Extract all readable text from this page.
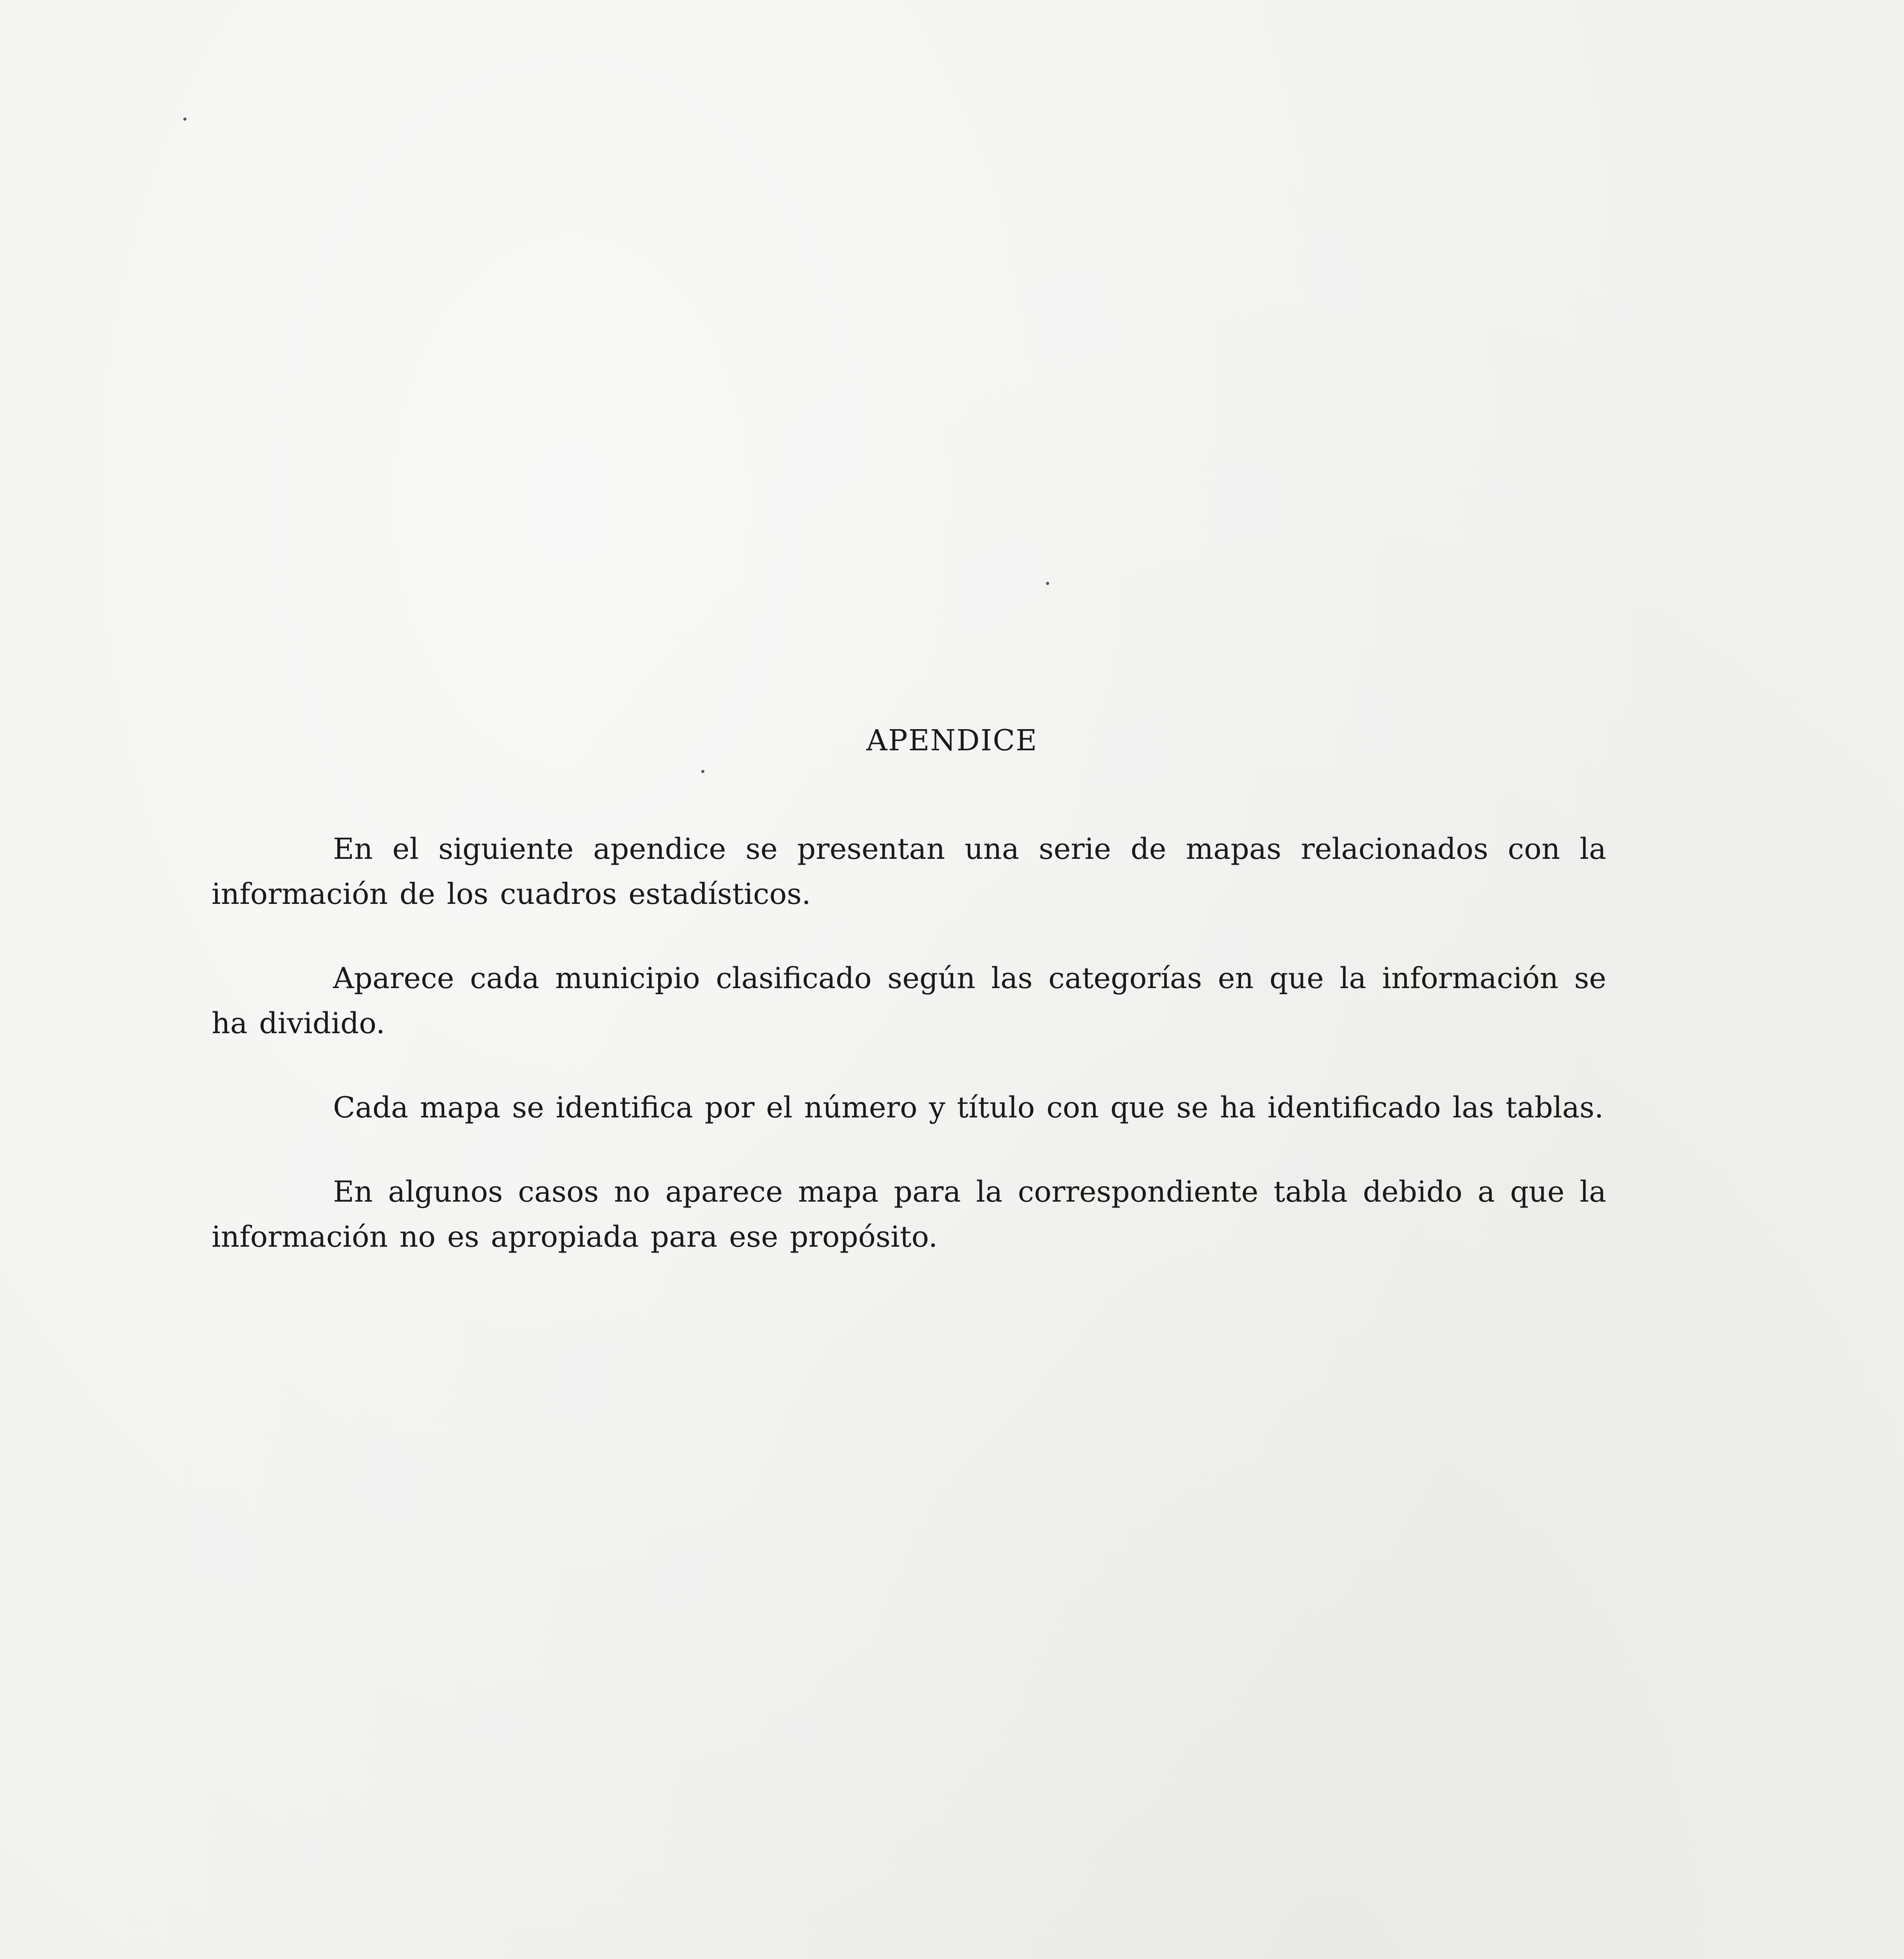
APENDICE

En el siguiente apendice se presentan una serie de mapas relacionados con la información de los cuadros estadísticos.

Aparece cada municipio clasificado según las categorías en que la información se ha dividido.

Cada mapa se identifica por el número y título con que se ha identificado las tablas.

En algunos casos no aparece mapa para la correspondiente tabla debido a que la información no es apropiada para ese propósito.
